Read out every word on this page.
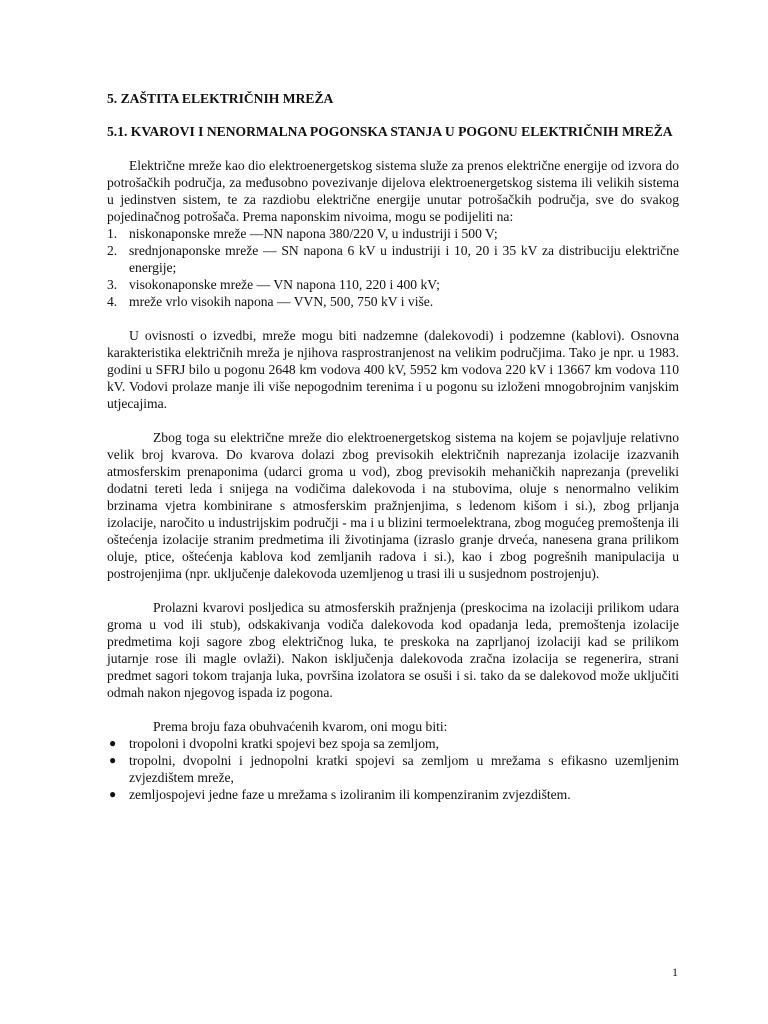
5. ZAŠTITA ELEKTRIČNIH MREŽA
5.1. KVAROVI I NENORMALNA POGONSKA STANJA U POGONU ELEKTRIČNIH MREŽA

Električne mreže kao dio elektroenergetskog sistema služe za prenos električne energije od izvora do potrošačkih područja, za međusobno povezivanje dijelova elektroenergetskog sistema ili velikih sistema u jedinstven sistem, te za razdiobu električne energije unutar potrošačkih područja, sve do svakog pojedinačnog potrošača. Prema naponskim nivoima, mogu se podijeliti na:

1. niskonaponske mreže —NN napona 380/220 V, u industriji i 500 V;
2. srednjonaponske mreže — SN napona 6 kV u industriji i 10, 20 i 35 kV za distribuciju električne energije;
3. visokonaponske mreže — VN napona 110, 220 i 400 kV;
4. mreže vrlo visokih napona — VVN, 500, 750 kV i više.

U ovisnosti o izvedbi, mreže mogu biti nadzemne (dalekovodi) i podzemne (kablovi). Osnovna karakteristika električnih mreža je njihova rasprostranjenost na velikim područjima. Tako je npr. u 1983. godini u SFRJ bilo u pogonu 2648 km vodova 400 kV, 5952 km vodova 220 kV i 13667 km vodova 110 kV. Vodovi prolaze manje ili više nepogodnim terenima i u pogonu su izloženi mnogobrojnim vanjskim utjecajima.

Zbog toga su električne mreže dio elektroenergetskog sistema na kojem se pojavljuje relativno velik broj kvarova. Do kvarova dolazi zbog previsokih električnih naprezanja izolacije izazvanih atmosferskim prenaponima (udarci groma u vod), zbog previsokih mehaničkih naprezanja (preveliki dodatni tereti leda i snijega na vodičima dalekovoda i na stubovima, oluje s nenormalno velikim brzinama vjetra kombinirane s atmosferskim pražnjenjima, s ledenom kišom i si.), zbog prljanja izolacije, naročito u industrijskim područji - ma i u blizini termoelektrana, zbog mogućeg premoštenja ili oštećenja izolacije stranim predmetima ili životinjama (izraslo granje drveća, nanesena grana prilikom oluje, ptice, oštećenja kablova kod zemljanih radova i si.), kao i zbog pogrešnih manipulacija u postrojenjima (npr. uključenje dalekovoda uzemljenog u trasi ili u susjednom postrojenju).

Prolazni kvarovi posljedica su atmosferskih pražnjenja (preskocima na izolaciji prilikom udara groma u vod ili stub), odskakivanja vodiča dalekovoda kod opadanja leda, premoštenja izolacije predmetima koji sagore zbog električnog luka, te preskoka na zaprljanoj izolaciji kad se prilikom jutarnje rose ili magle ovlaži). Nakon isključenja dalekovoda zračna izolacija se regenerira, strani predmet sagori tokom trajanja luka, površina izolatora se osuši i si. tako da se dalekovod može uključiti odmah nakon njegovog ispada iz pogona.

Prema broju faza obuhvaćenih kvarom, oni mogu biti:

● tropoloni i dvopolni kratki spojevi bez spoja sa zemljom,
● tropolni, dvopolni i jednopolni kratki spojevi sa zemljom u mrežama s efikasno uzemljenim zvjezdištem mreže,
● zemljospojevi jedne faze u mrežama s izoliranim ili kompenziranim zvjezdištem.
1
